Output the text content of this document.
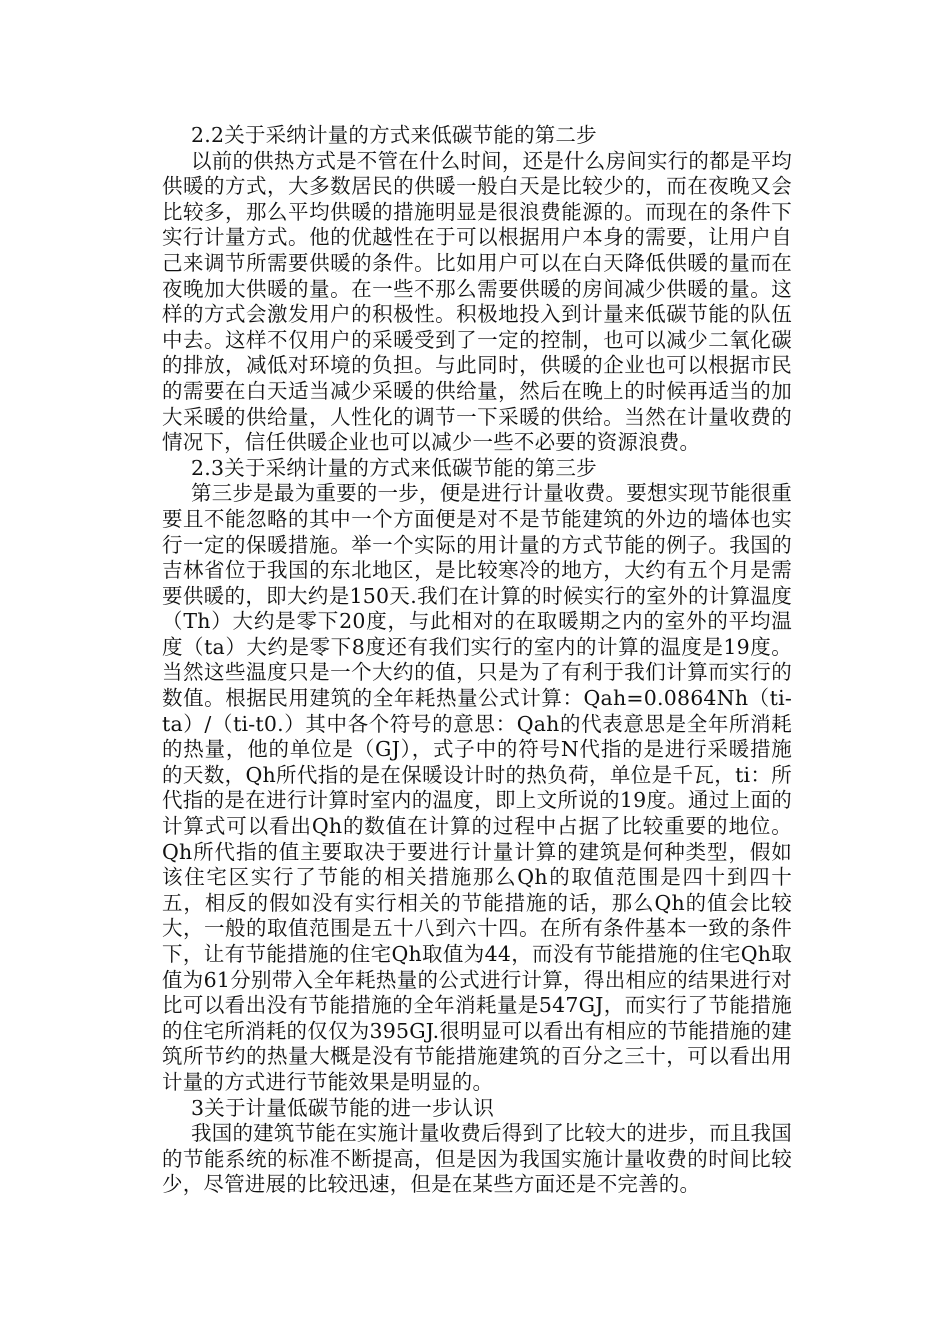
2.2关于采纳计量的方式来低碳节能的第二步

以前的供热方式是不管在什么时间，还是什么房间实行的都是平均供暖的方式，大多数居民的供暖一般白天是比较少的，而在夜晚又会比较多，那么平均供暖的措施明显是很浪费能源的。而现在的条件下实行计量方式。他的优越性在于可以根据用户本身的需要，让用户自己来调节所需要供暖的条件。比如用户可以在白天降低供暖的量而在夜晚加大供暖的量。在一些不那么需要供暖的房间减少供暖的量。这样的方式会激发用户的积极性。积极地投入到计量来低碳节能的队伍中去。这样不仅用户的采暖受到了一定的控制，也可以减少二氧化碳的排放，减低对环境的负担。与此同时，供暖的企业也可以根据市民的需要在白天适当减少采暖的供给量，然后在晚上的时候再适当的加大采暖的供给量，人性化的调节一下采暖的供给。当然在计量收费的情况下，信任供暖企业也可以减少一些不必要的资源浪费。

2.3关于采纳计量的方式来低碳节能的第三步

第三步是最为重要的一步，便是进行计量收费。要想实现节能很重要且不能忽略的其中一个方面便是对不是节能建筑的外边的墙体也实行一定的保暖措施。举一个实际的用计量的方式节能的例子。我国的吉林省位于我国的东北地区，是比较寒冷的地方，大约有五个月是需要供暖的，即大约是150天.我们在计算的时候实行的室外的计算温度（Th）大约是零下20度，与此相对的在取暖期之内的室外的平均温度（ta）大约是零下8度还有我们实行的室内的计算的温度是19度。当然这些温度只是一个大约的值，只是为了有利于我们计算而实行的数值。根据民用建筑的全年耗热量公式计算：Qah=0.0864Nh（ti-ta）/（ti-t0.）其中各个符号的意思：Qah的代表意思是全年所消耗的热量，他的单位是（GJ），式子中的符号N代指的是进行采暖措施的天数，Qh所代指的是在保暖设计时的热负荷，单位是千瓦，ti：所代指的是在进行计算时室内的温度，即上文所说的19度。通过上面的计算式可以看出Qh的数值在计算的过程中占据了比较重要的地位。Qh所代指的值主要取决于要进行计量计算的建筑是何种类型，假如该住宅区实行了节能的相关措施那么Qh的取值范围是四十到四十五，相反的假如没有实行相关的节能措施的话，那么Qh的值会比较大，一般的取值范围是五十八到六十四。在所有条件基本一致的条件下，让有节能措施的住宅Qh取值为44，而没有节能措施的住宅Qh取值为61分别带入全年耗热量的公式进行计算，得出相应的结果进行对比可以看出没有节能措施的全年消耗量是547GJ，而实行了节能措施的住宅所消耗的仅仅为395GJ.很明显可以看出有相应的节能措施的建筑所节约的热量大概是没有节能措施建筑的百分之三十，可以看出用计量的方式进行节能效果是明显的。

3关于计量低碳节能的进一步认识

我国的建筑节能在实施计量收费后得到了比较大的进步，而且我国的节能系统的标准不断提高，但是因为我国实施计量收费的时间比较少，尽管进展的比较迅速，但是在某些方面还是不完善的。
